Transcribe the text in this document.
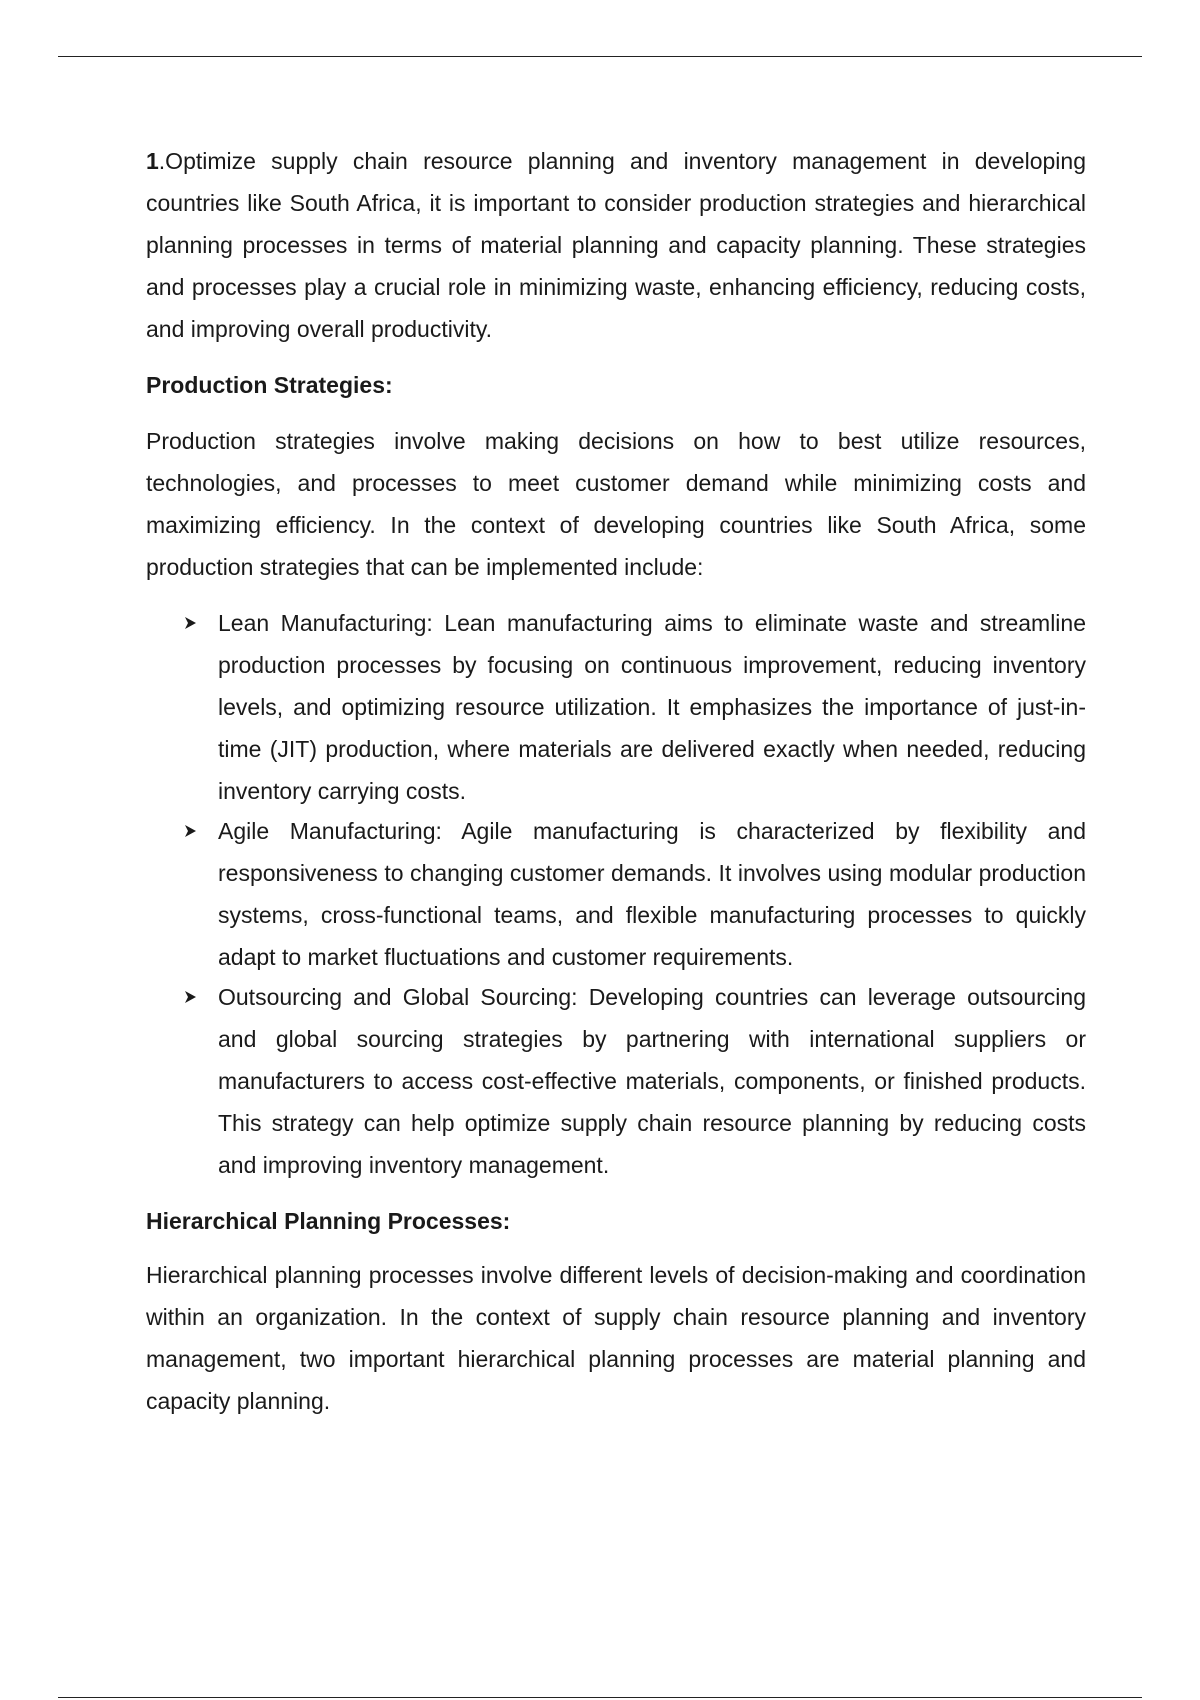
1.Optimize supply chain resource planning and inventory management in developing countries like South Africa, it is important to consider production strategies and hierarchical planning processes in terms of material planning and capacity planning. These strategies and processes play a crucial role in minimizing waste, enhancing efficiency, reducing costs, and improving overall productivity.

Production Strategies:

Production strategies involve making decisions on how to best utilize resources, technologies, and processes to meet customer demand while minimizing costs and maximizing efficiency. In the context of developing countries like South Africa, some production strategies that can be implemented include:

Lean Manufacturing: Lean manufacturing aims to eliminate waste and streamline production processes by focusing on continuous improvement, reducing inventory levels, and optimizing resource utilization. It emphasizes the importance of just-in-time (JIT) production, where materials are delivered exactly when needed, reducing inventory carrying costs.
Agile Manufacturing: Agile manufacturing is characterized by flexibility and responsiveness to changing customer demands. It involves using modular production systems, cross-functional teams, and flexible manufacturing processes to quickly adapt to market fluctuations and customer requirements.
Outsourcing and Global Sourcing: Developing countries can leverage outsourcing and global sourcing strategies by partnering with international suppliers or manufacturers to access cost-effective materials, components, or finished products. This strategy can help optimize supply chain resource planning by reducing costs and improving inventory management.
Hierarchical Planning Processes:

Hierarchical planning processes involve different levels of decision-making and coordination within an organization. In the context of supply chain resource planning and inventory management, two important hierarchical planning processes are material planning and capacity planning.
